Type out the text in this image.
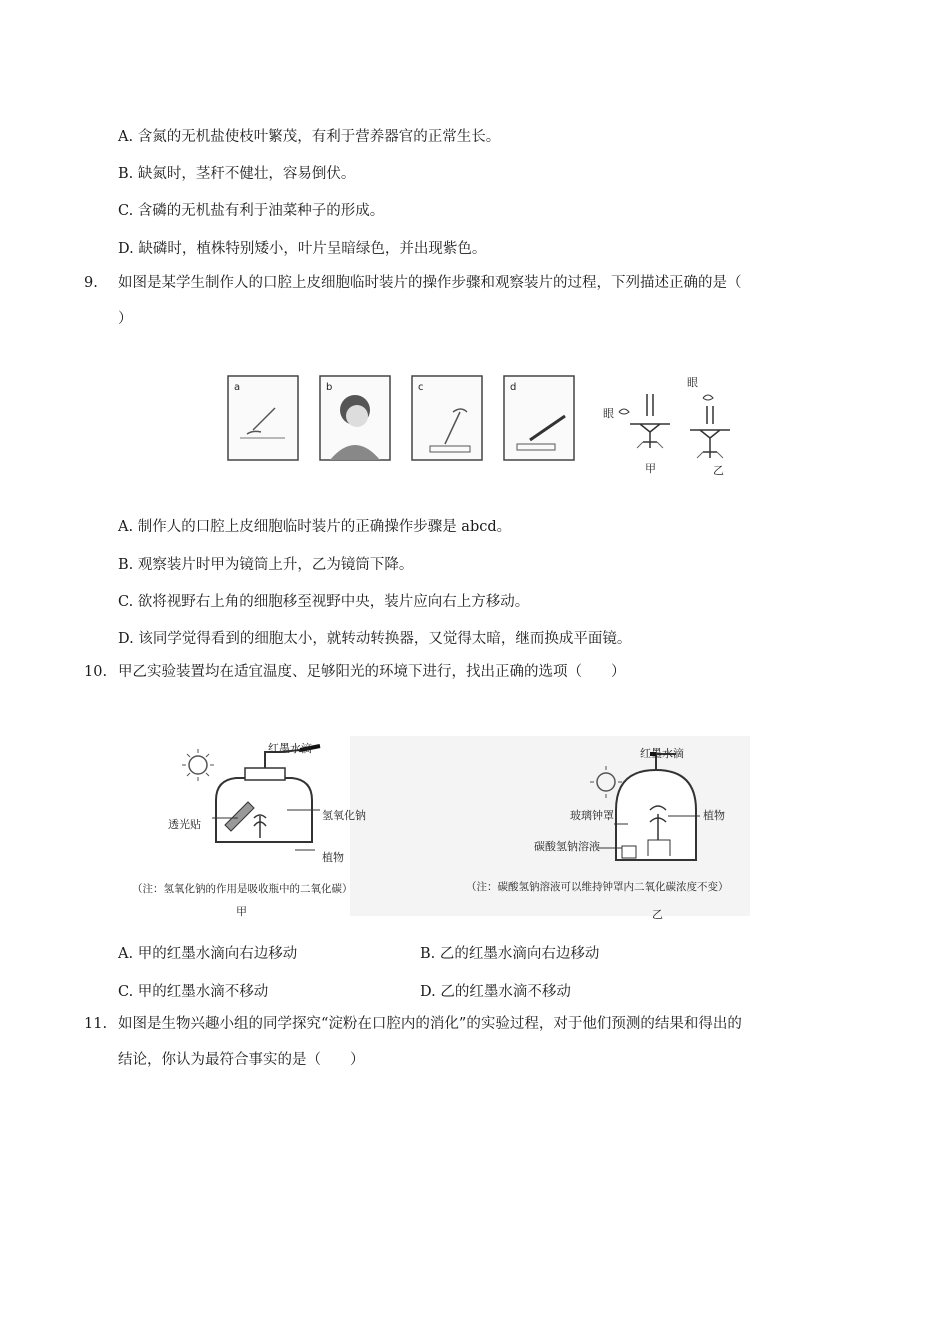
A. 含氮的无机盐使枝叶繁茂，有利于营养器官的正常生长。
B. 缺氮时，茎秆不健壮，容易倒伏。
C. 含磷的无机盐有利于油菜种子的形成。
D. 缺磷时，植株特别矮小，叶片呈暗绿色，并出现紫色。
9. 如图是某学生制作人的口腔上皮细胞临时装片的操作步骤和观察装片的过程，下列描述正确的是（
）
a	b	c	d
眼
甲
眼
乙
A. 制作人的口腔上皮细胞临时装片的正确操作步骤是 abcd。
B. 观察装片时甲为镜筒上升，乙为镜筒下降。
C. 欲将视野右上角的细胞移至视野中央，装片应向右上方移动。
D. 该同学觉得看到的细胞太小，就转动转换器，又觉得太暗，继而换成平面镜。
10. 甲乙实验装置均在适宜温度、足够阳光的环境下进行，找出正确的选项（　　）
红墨水滴
透光贴
氢氧化钠
植物
（注：氢氧化钠的作用是吸收瓶中的二氧化碳）
甲
红墨水滴
玻璃钟罩	植物
碳酸氢钠溶液
（注：碳酸氢钠溶液可以维持钟罩内二氧化碳浓度不变）
乙
A. 甲的红墨水滴向右边移动	B. 乙的红墨水滴向右边移动
C. 甲的红墨水滴不移动	D. 乙的红墨水滴不移动
11. 如图是生物兴趣小组的同学探究“淀粉在口腔内的消化”的实验过程，对于他们预测的结果和得出的
结论，你认为最符合事实的是（　　）
